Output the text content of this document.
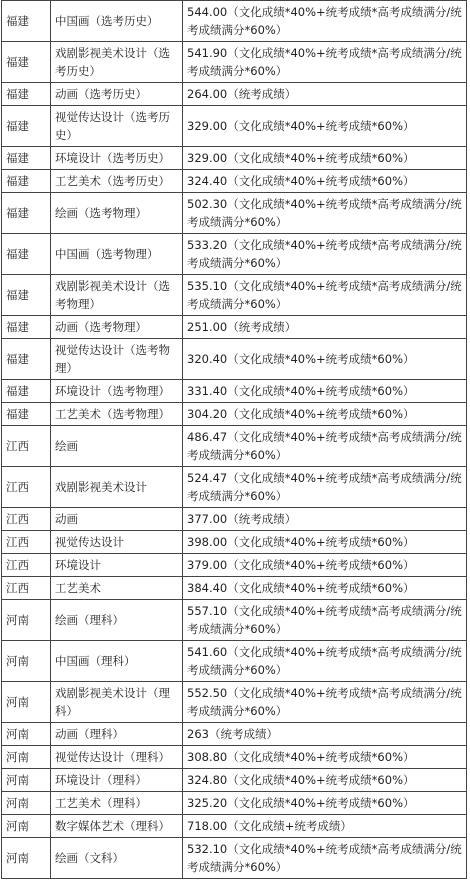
福建	中国画（选考历史）	544.00（文化成绩*40%+统考成绩*高考成绩满分/统考成绩满分*60%）
福建	戏剧影视美术设计（选考历史）	541.90（文化成绩*40%+统考成绩*高考成绩满分/统考成绩满分*60%）
福建	动画（选考历史）	264.00（统考成绩）
福建	视觉传达设计（选考历史）	329.00（文化成绩*40%+统考成绩*60%）
福建	环境设计（选考历史）	329.00（文化成绩*40%+统考成绩*60%）
福建	工艺美术（选考历史）	324.40（文化成绩*40%+统考成绩*60%）
福建	绘画（选考物理）	502.30（文化成绩*40%+统考成绩*高考成绩满分/统考成绩满分*60%）
福建	中国画（选考物理）	533.20（文化成绩*40%+统考成绩*高考成绩满分/统考成绩满分*60%）
福建	戏剧影视美术设计（选考物理）	535.10（文化成绩*40%+统考成绩*高考成绩满分/统考成绩满分*60%）
福建	动画（选考物理）	251.00（统考成绩）
福建	视觉传达设计（选考物理）	320.40（文化成绩*40%+统考成绩*60%）
福建	环境设计（选考物理）	331.40（文化成绩*40%+统考成绩*60%）
福建	工艺美术（选考物理）	304.20（文化成绩*40%+统考成绩*60%）
江西	绘画	486.47（文化成绩*40%+统考成绩*高考成绩满分/统考成绩满分*60%）
江西	戏剧影视美术设计	524.47（文化成绩*40%+统考成绩*高考成绩满分/统考成绩满分*60%）
江西	动画	377.00（统考成绩）
江西	视觉传达设计	398.00（文化成绩*40%+统考成绩*60%）
江西	环境设计	379.00（文化成绩*40%+统考成绩*60%）
江西	工艺美术	384.40（文化成绩*40%+统考成绩*60%）
河南	绘画（理科）	557.10（文化成绩*40%+统考成绩*高考成绩满分/统考成绩满分*60%）
河南	中国画（理科）	541.60（文化成绩*40%+统考成绩*高考成绩满分/统考成绩满分*60%）
河南	戏剧影视美术设计（理科）	552.50（文化成绩*40%+统考成绩*高考成绩满分/统考成绩满分*60%）
河南	动画（理科）	263（统考成绩）
河南	视觉传达设计（理科）	308.80（文化成绩*40%+统考成绩*60%）
河南	环境设计（理科）	324.80（文化成绩*40%+统考成绩*60%）
河南	工艺美术（理科）	325.20（文化成绩*40%+统考成绩*60%）
河南	数字媒体艺术（理科）	718.00（文化成绩+统考成绩）
河南	绘画（文科）	532.10（文化成绩*40%+统考成绩*高考成绩满分/统考成绩满分*60%）
